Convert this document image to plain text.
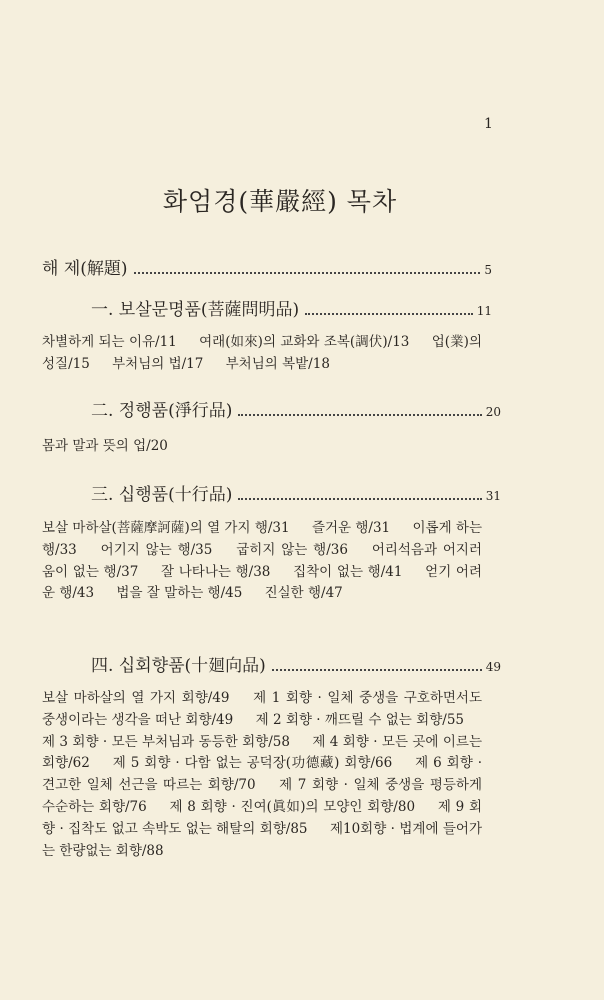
1
화엄경(華嚴經) 목차
해 제(解題)	5
一. 보살문명품(菩薩問明品)	11
차별하게 되는 이유/11 여래(如來)의 교화와 조복(調伏)/13 업(業)의 성질/15 부처님의 법/17 부처님의 복밭/18
二. 정행품(淨行品)	20
몸과 말과 뜻의 업/20
三. 십행품(十行品)	31
보살 마하살(菩薩摩訶薩)의 열 가지 행/31 즐거운 행/31 이롭게 하는 행/33 어기지 않는 행/35 굽히지 않는 행/36 어리석음과 어지러움이 없는 행/37 잘 나타나는 행/38 집착이 없는 행/41 얻기 어려운 행/43 법을 잘 말하는 행/45 진실한 행/47
四. 십회향품(十廻向品)	49
보살 마하살의 열 가지 회향/49 제 1 회향 · 일체 중생을 구호하면서도 중생이라는 생각을 떠난 회향/49 제 2 회향 · 깨뜨릴 수 없는 회향/55 제 3 회향 · 모든 부처님과 동등한 회향/58 제 4 회향 · 모든 곳에 이르는 회향/62 제 5 회향 · 다함 없는 공덕장(功德藏) 회향/66 제 6 회향 · 견고한 일체 선근을 따르는 회향/70 제 7 회향 · 일체 중생을 평등하게 수순하는 회향/76 제 8 회향 · 진여(眞如)의 모양인 회향/80 제 9 회향 · 집착도 없고 속박도 없는 해탈의 회향/85 제10회향 · 법계에 들어가는 한량없는 회향/88
